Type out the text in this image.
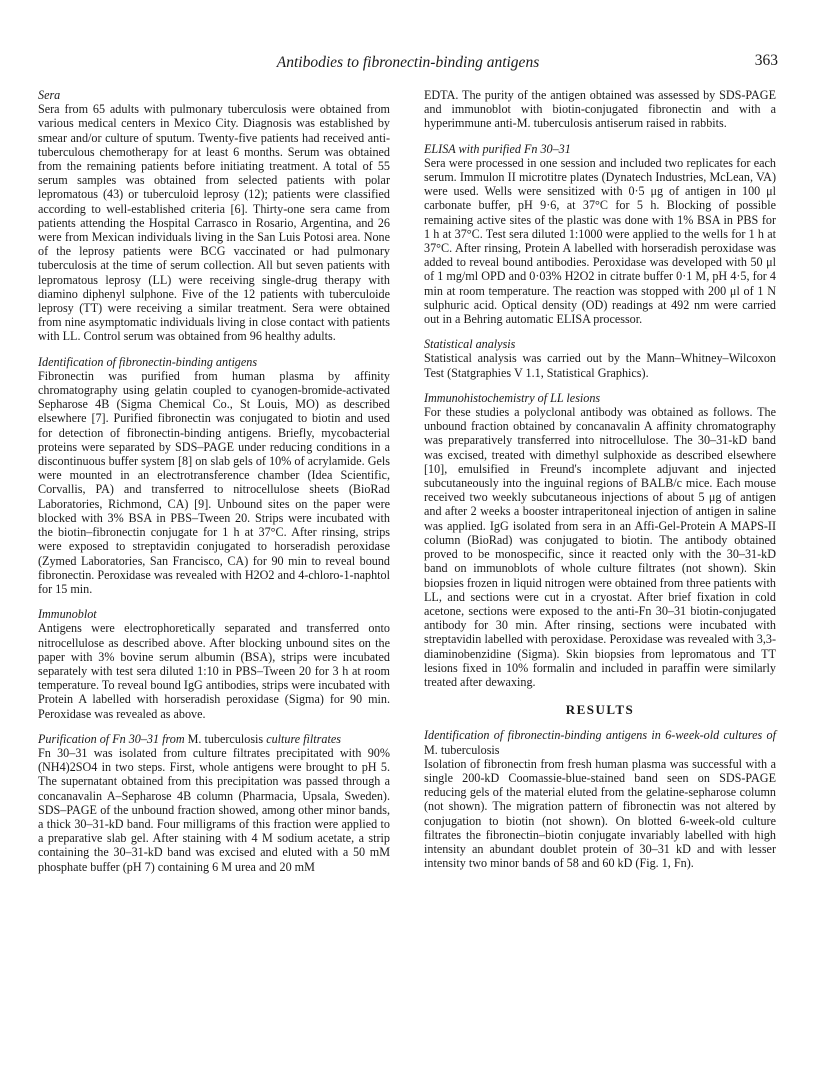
Antibodies to fibronectin-binding antigens	363

Sera

Sera from 65 adults with pulmonary tuberculosis were obtained from various medical centers in Mexico City. Diagnosis was established by smear and/or culture of sputum. Twenty-five patients had received anti-tuberculous chemotherapy for at least 6 months. Serum was obtained from the remaining patients before initiating treatment. A total of 55 serum samples was obtained from selected patients with polar lepromatous (43) or tuberculoid leprosy (12); patients were classified according to well-established criteria [6]. Thirty-one sera came from patients attending the Hospital Carrasco in Rosario, Argentina, and 26 were from Mexican individuals living in the San Luis Potosi area. None of the leprosy patients were BCG vaccinated or had pulmonary tuberculosis at the time of serum collection. All but seven patients with lepromatous leprosy (LL) were receiving single-drug therapy with diamino diphenyl sulphone. Five of the 12 patients with tuberculoide leprosy (TT) were receiving a similar treatment. Sera were obtained from nine asymptomatic individuals living in close contact with patients with LL. Control serum was obtained from 96 healthy adults.

Identification of fibronectin-binding antigens

Fibronectin was purified from human plasma by affinity chromatography using gelatin coupled to cyanogen-bromide-activated Sepharose 4B (Sigma Chemical Co., St Louis, MO) as described elsewhere [7]. Purified fibronectin was conjugated to biotin and used for detection of fibronectin-binding antigens. Briefly, mycobacterial proteins were separated by SDS–PAGE under reducing conditions in a discontinuous buffer system [8] on slab gels of 10% of acrylamide. Gels were mounted in an electrotransference chamber (Idea Scientific, Corvallis, PA) and transferred to nitrocellulose sheets (BioRad Laboratories, Richmond, CA) [9]. Unbound sites on the paper were blocked with 3% BSA in PBS–Tween 20. Strips were incubated with the biotin–fibronectin conjugate for 1 h at 37°C. After rinsing, strips were exposed to streptavidin conjugated to horseradish peroxidase (Zymed Laboratories, San Francisco, CA) for 90 min to reveal bound fibronectin. Peroxidase was revealed with H2O2 and 4-chloro-1-naphtol for 15 min.

Immunoblot

Antigens were electrophoretically separated and transferred onto nitrocellulose as described above. After blocking unbound sites on the paper with 3% bovine serum albumin (BSA), strips were incubated separately with test sera diluted 1:10 in PBS–Tween 20 for 3 h at room temperature. To reveal bound IgG antibodies, strips were incubated with Protein A labelled with horseradish peroxidase (Sigma) for 90 min. Peroxidase was revealed as above.

Purification of Fn 30–31 from M. tuberculosis culture filtrates

Fn 30–31 was isolated from culture filtrates precipitated with 90% (NH4)2SO4 in two steps. First, whole antigens were brought to pH 5. The supernatant obtained from this precipitation was passed through a concanavalin A–Sepharose 4B column (Pharmacia, Upsala, Sweden). SDS–PAGE of the unbound fraction showed, among other minor bands, a thick 30–31-kD band. Four milligrams of this fraction were applied to a preparative slab gel. After staining with 4 M sodium acetate, a strip containing the 30–31-kD band was excised and eluted with a 50 mM phosphate buffer (pH 7) containing 6 M urea and 20 mM

EDTA. The purity of the antigen obtained was assessed by SDS-PAGE and immunoblot with biotin-conjugated fibronectin and with a hyperimmune anti-M. tuberculosis antiserum raised in rabbits.

ELISA with purified Fn 30–31

Sera were processed in one session and included two replicates for each serum. Immulon II microtitre plates (Dynatech Industries, McLean, VA) were used. Wells were sensitized with 0·5 μg of antigen in 100 μl carbonate buffer, pH 9·6, at 37°C for 5 h. Blocking of possible remaining active sites of the plastic was done with 1% BSA in PBS for 1 h at 37°C. Test sera diluted 1:1000 were applied to the wells for 1 h at 37°C. After rinsing, Protein A labelled with horseradish peroxidase was added to reveal bound antibodies. Peroxidase was developed with 50 μl of 1 mg/ml OPD and 0·03% H2O2 in citrate buffer 0·1 M, pH 4·5, for 4 min at room temperature. The reaction was stopped with 200 μl of 1 N sulphuric acid. Optical density (OD) readings at 492 nm were carried out in a Behring automatic ELISA processor.

Statistical analysis

Statistical analysis was carried out by the Mann–Whitney–Wilcoxon Test (Statgraphies V 1.1, Statistical Graphics).

Immunohistochemistry of LL lesions

For these studies a polyclonal antibody was obtained as follows. The unbound fraction obtained by concanavalin A affinity chromatography was preparatively transferred into nitrocellulose. The 30–31-kD band was excised, treated with dimethyl sulphoxide as described elsewhere [10], emulsified in Freund's incomplete adjuvant and injected subcutaneously into the inguinal regions of BALB/c mice. Each mouse received two weekly subcutaneous injections of about 5 μg of antigen and after 2 weeks a booster intraperitoneal injection of antigen in saline was applied. IgG isolated from sera in an Affi-Gel-Protein A MAPS-II column (BioRad) was conjugated to biotin. The antibody obtained proved to be monospecific, since it reacted only with the 30–31-kD band on immunoblots of whole culture filtrates (not shown). Skin biopsies frozen in liquid nitrogen were obtained from three patients with LL, and sections were cut in a cryostat. After brief fixation in cold acetone, sections were exposed to the anti-Fn 30–31 biotin-conjugated antibody for 30 min. After rinsing, sections were incubated with streptavidin labelled with peroxidase. Peroxidase was revealed with 3,3-diaminobenzidine (Sigma). Skin biopsies from lepromatous and TT lesions fixed in 10% formalin and included in paraffin were similarly treated after dewaxing.

RESULTS

Identification of fibronectin-binding antigens in 6-week-old cultures of M. tuberculosis

Isolation of fibronectin from fresh human plasma was successful with a single 200-kD Coomassie-blue-stained band seen on SDS-PAGE reducing gels of the material eluted from the gelatine-sepharose column (not shown). The migration pattern of fibronectin was not altered by conjugation to biotin (not shown). On blotted 6-week-old culture filtrates the fibronectin–biotin conjugate invariably labelled with high intensity an abundant doublet protein of 30–31 kD and with lesser intensity two minor bands of 58 and 60 kD (Fig. 1, Fn).
